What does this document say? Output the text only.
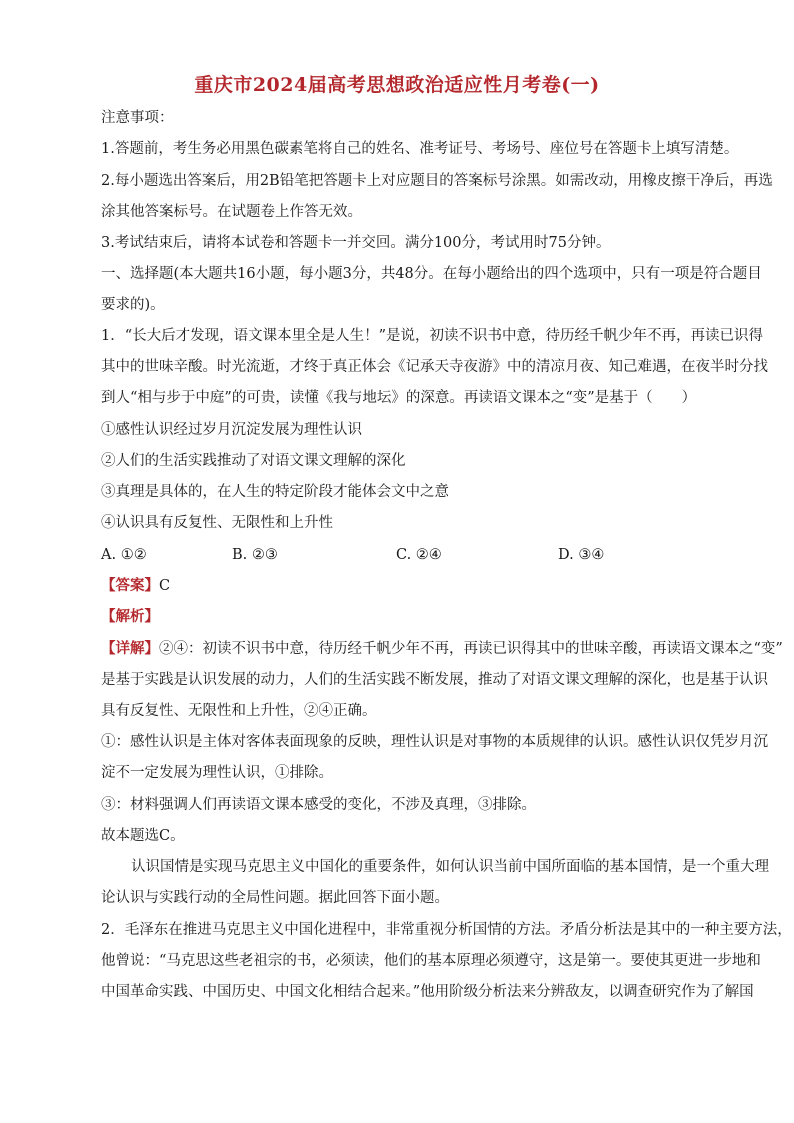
重庆市2024届高考思想政治适应性月考卷(一)
注意事项：
1.答题前，考生务必用黑色碳素笔将自己的姓名、准考证号、考场号、座位号在答题卡上填写清楚。
2.每小题选出答案后，用2B铅笔把答题卡上对应题目的答案标号涂黑。如需改动，用橡皮擦干净后，再选
涂其他答案标号。在试题卷上作答无效。
3.考试结束后，请将本试卷和答题卡一并交回。满分100分，考试用时75分钟。
一、选择题(本大题共16小题，每小题3分，共48分。在每小题给出的四个选项中，只有一项是符合题目
要求的)。
1．“长大后才发现，语文课本里全是人生！”是说，初读不识书中意，待历经千帆少年不再，再读已识得
其中的世味辛酸。时光流逝，才终于真正体会《记承天寺夜游》中的清凉月夜、知己难遇，在夜半时分找
到人“相与步于中庭”的可贵，读懂《我与地坛》的深意。再读语文课本之“变”是基于（　　）
①感性认识经过岁月沉淀发展为理性认识
②人们的生活实践推动了对语文课文理解的深化
③真理是具体的，在人生的特定阶段才能体会文中之意
④认识具有反复性、无限性和上升性
A. ①②	B. ②③	C. ②④	D. ③④
【答案】C
【解析】
【详解】②④：初读不识书中意，待历经千帆少年不再，再读已识得其中的世味辛酸，再读语文课本之“变”
是基于实践是认识发展的动力，人们的生活实践不断发展，推动了对语文课文理解的深化，也是基于认识
具有反复性、无限性和上升性，②④正确。
①：感性认识是主体对客体表面现象的反映，理性认识是对事物的本质规律的认识。感性认识仅凭岁月沉
淀不一定发展为理性认识，①排除。
③：材料强调人们再读语文课本感受的变化，不涉及真理，③排除。
故本题选C。
认识国情是实现马克思主义中国化的重要条件，如何认识当前中国所面临的基本国情，是一个重大理
论认识与实践行动的全局性问题。据此回答下面小题。
2．毛泽东在推进马克思主义中国化进程中，非常重视分析国情的方法。矛盾分析法是其中的一种主要方法，
他曾说：“马克思这些老祖宗的书，必须读，他们的基本原理必须遵守，这是第一。要使其更进一步地和
中国革命实践、中国历史、中国文化相结合起来。”他用阶级分析法来分辨敌友，以调查研究作为了解国
